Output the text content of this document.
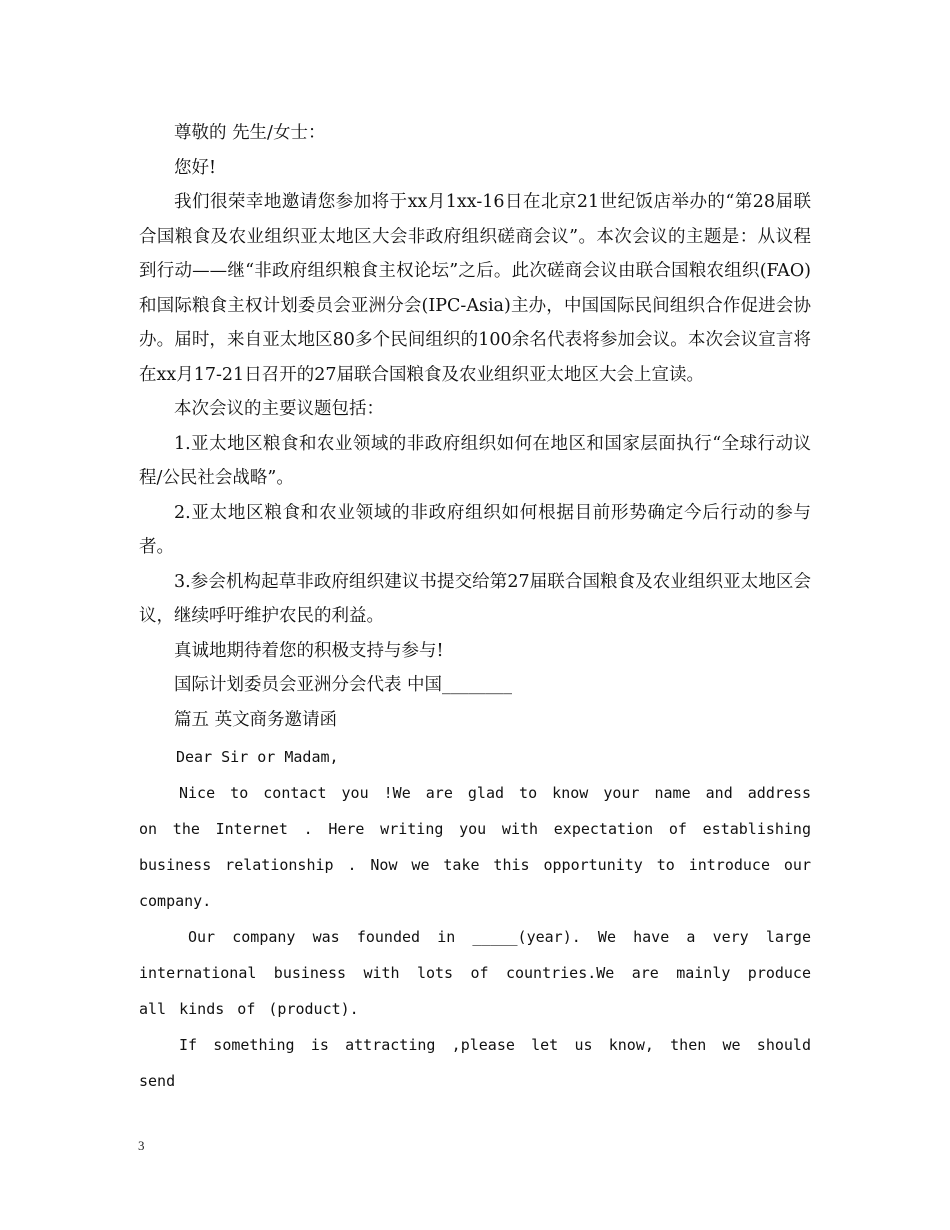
尊敬的 先生/女士：

您好!

我们很荣幸地邀请您参加将于xx月1xx-16日在北京21世纪饭店举办的“第28届联合国粮食及农业组织亚太地区大会非政府组织磋商会议”。本次会议的主题是：从议程到行动——继“非政府组织粮食主权论坛”之后。此次磋商会议由联合国粮农组织(FAO)和国际粮食主权计划委员会亚洲分会(IPC-Asia)主办，中国国际民间组织合作促进会协办。届时，来自亚太地区80多个民间组织的100余名代表将参加会议。本次会议宣言将在xx月17-21日召开的27届联合国粮食及农业组织亚太地区大会上宣读。

本次会议的主要议题包括：

1.亚太地区粮食和农业领域的非政府组织如何在地区和国家层面执行“全球行动议程/公民社会战略”。

2.亚太地区粮食和农业领域的非政府组织如何根据目前形势确定今后行动的参与者。

3.参会机构起草非政府组织建议书提交给第27届联合国粮食及农业组织亚太地区会议，继续呼吁维护农民的利益。

真诚地期待着您的积极支持与参与!

国际计划委员会亚洲分会代表 中国________

篇五 英文商务邀请函

Dear Sir or Madam,

Nice to contact you !We are glad to know your name and address on the Internet . Here writing you with expectation of establishing business relationship . Now we take this opportunity to introduce our company.

Our company was founded in _____(year). We have a very large international business with lots of countries.We are mainly produce all kinds of (product).

If something is attracting ,please let us know, then we should send

3
